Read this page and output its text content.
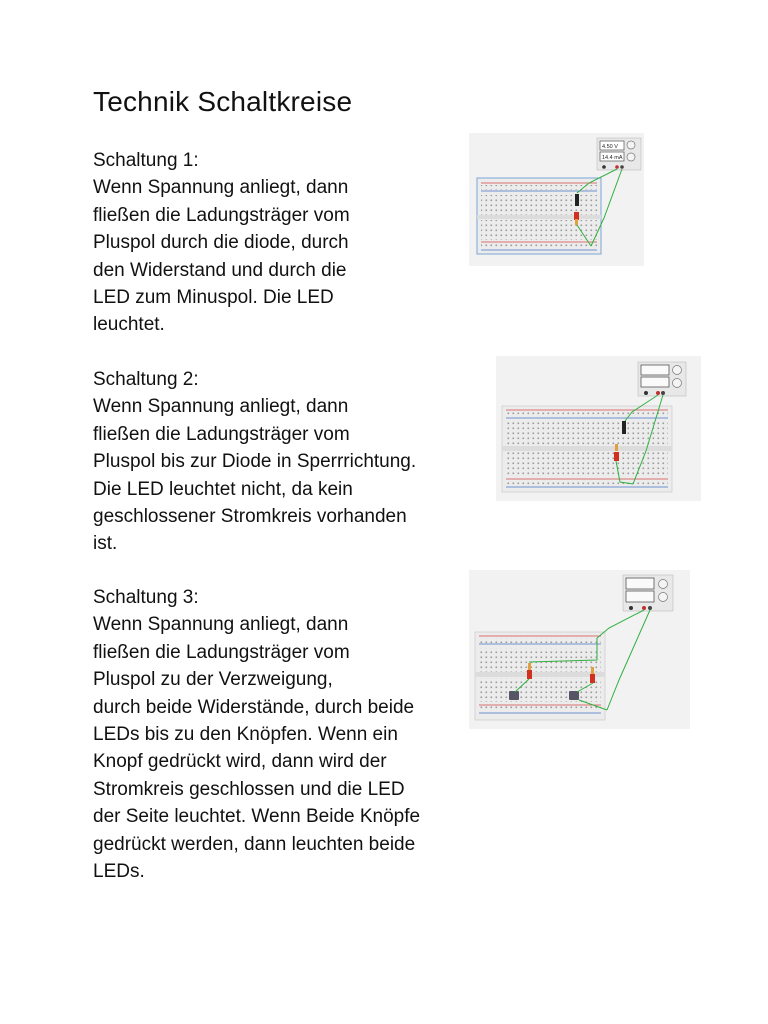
Technik Schaltkreise
Schaltung 1:
Wenn Spannung anliegt, dann
fließen die Ladungsträger vom
Pluspol durch die diode, durch
den Widerstand und durch die
LED zum Minuspol. Die LED
leuchtet.
Schaltung 2:
Wenn Spannung anliegt, dann
fließen die Ladungsträger vom
Pluspol bis zur Diode in Sperrrichtung.
Die LED leuchtet nicht, da kein
geschlossener Stromkreis vorhanden
ist.
Schaltung 3:
Wenn Spannung anliegt, dann
fließen die Ladungsträger vom
Pluspol zu der Verzweigung,
durch beide Widerstände, durch beide
LEDs bis zu den Knöpfen. Wenn ein
Knopf gedrückt wird, dann wird der
Stromkreis geschlossen und die LED
der Seite leuchtet. Wenn Beide Knöpfe
gedrückt werden, dann leuchten beide
LEDs.
4.50 V
14.4 mA
